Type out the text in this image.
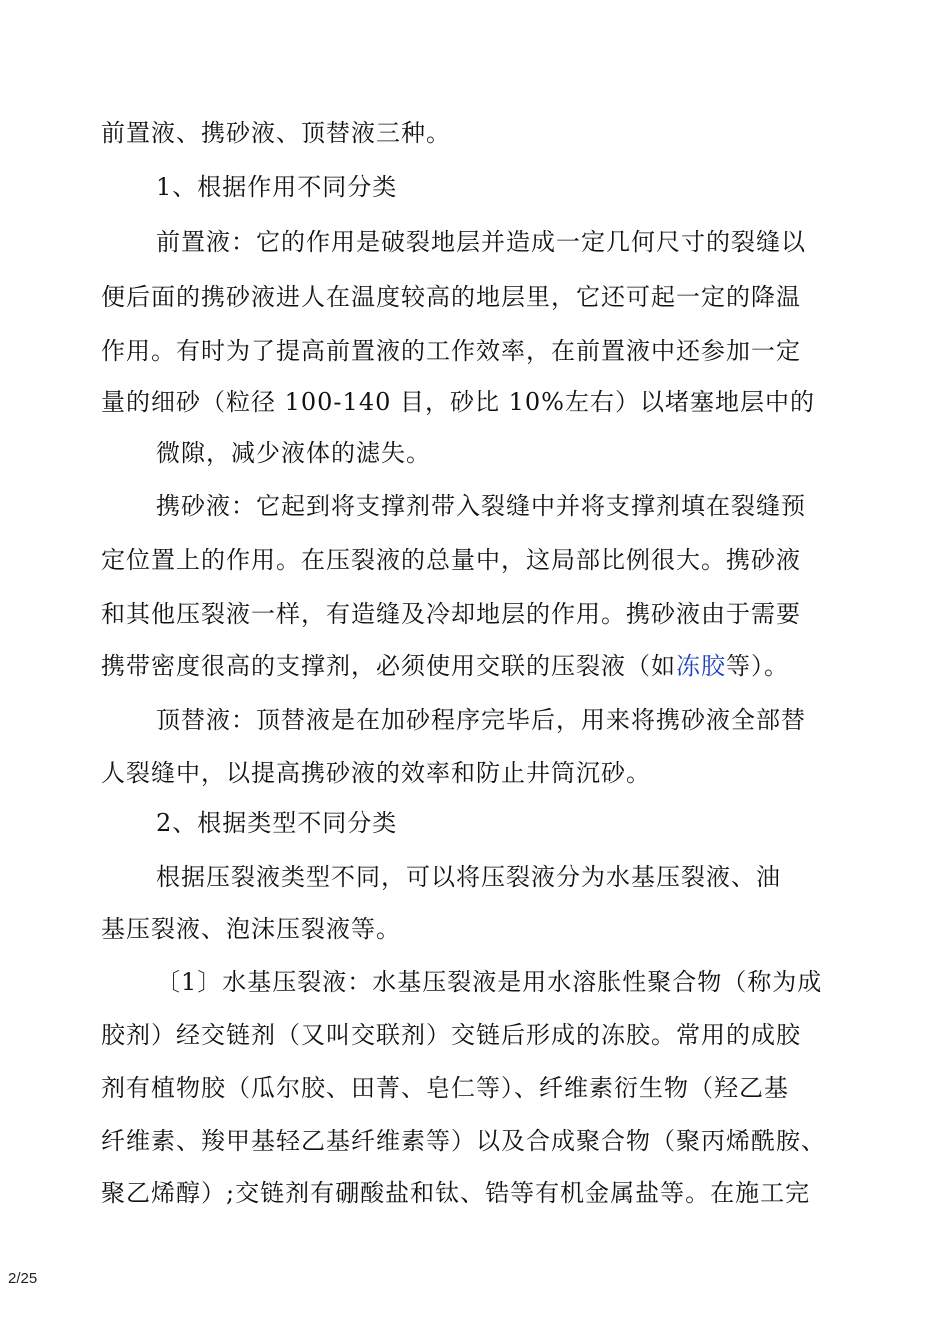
前置液、携砂液、顶替液三种。
1、根据作用不同分类
前置液：它的作用是破裂地层并造成一定几何尺寸的裂缝以
便后面的携砂液进人在温度较高的地层里，它还可起一定的降温
作用。有时为了提高前置液的工作效率，在前置液中还参加一定
量的细砂（粒径 100-140 目，砂比 10%左右）以堵塞地层中的
微隙，减少液体的滤失。
携砂液：它起到将支撑剂带入裂缝中并将支撑剂填在裂缝预
定位置上的作用。在压裂液的总量中，这局部比例很大。携砂液
和其他压裂液一样，有造缝及冷却地层的作用。携砂液由于需要
携带密度很高的支撑剂，必须使用交联的压裂液（如冻胶等）。
顶替液：顶替液是在加砂程序完毕后，用来将携砂液全部替
人裂缝中，以提高携砂液的效率和防止井筒沉砂。
2、根据类型不同分类
根据压裂液类型不同，可以将压裂液分为水基压裂液、油
基压裂液、泡沫压裂液等。
〔1〕水基压裂液：水基压裂液是用水溶胀性聚合物（称为成
胶剂）经交链剂（又叫交联剂）交链后形成的冻胶。常用的成胶
剂有植物胶（瓜尔胶、田菁、皂仁等）、纤维素衍生物（羟乙基
纤维素、羧甲基轻乙基纤维素等）以及合成聚合物（聚丙烯酰胺、
聚乙烯醇）;交链剂有硼酸盐和钛、锆等有机金属盐等。在施工完
2/25
